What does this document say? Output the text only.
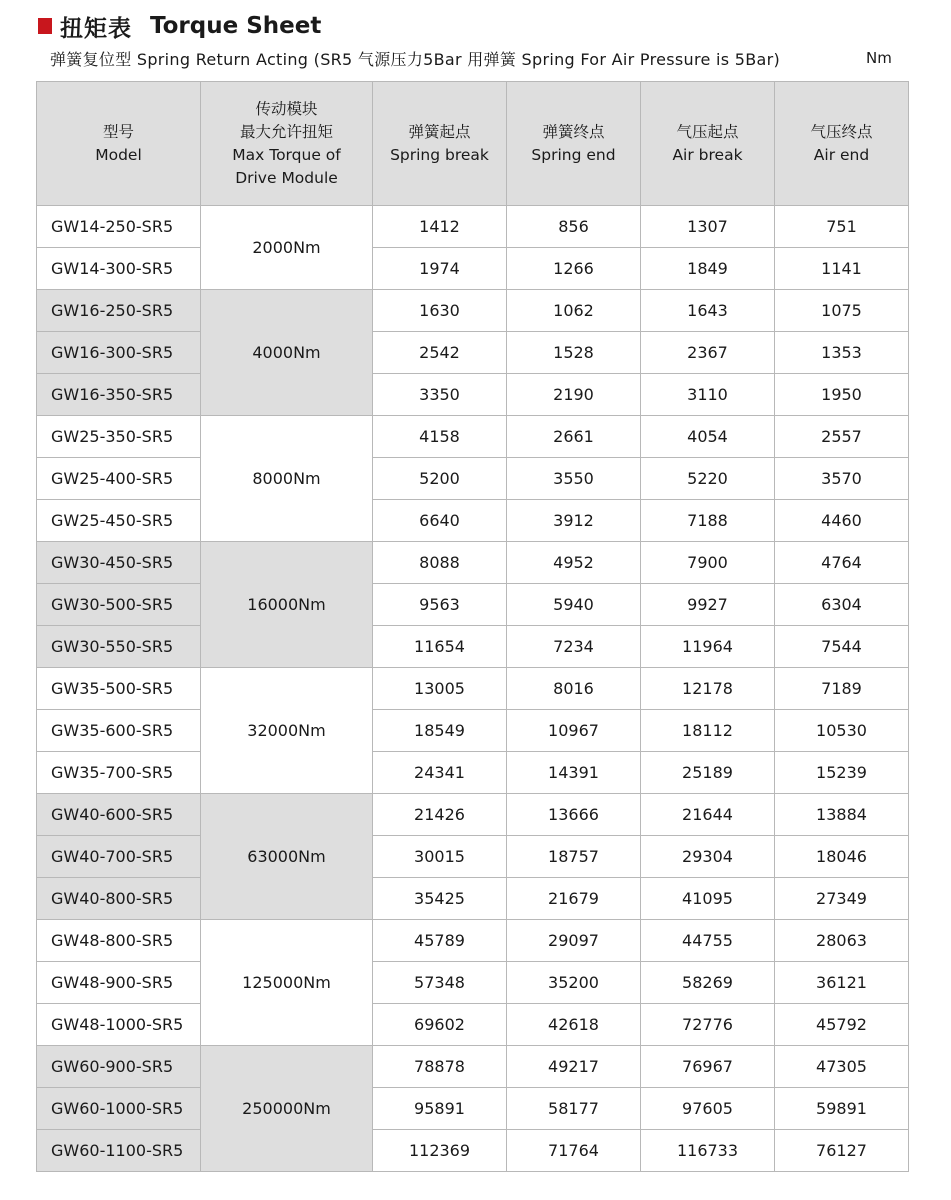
扭矩表 Torque Sheet
弹簧复位型 Spring Return Acting (SR5 气源压力5Bar 用弹簧 Spring For Air Pressure is 5Bar)	Nm
型号
Model	传动模块
最大允许扭矩
Max Torque of
Drive Module	弹簧起点
Spring break	弹簧终点
Spring end	气压起点
Air break	气压终点
Air end

GW14-250-SR5	2000Nm	1412	856	1307	751
GW14-300-SR5		1974	1266	1849	1141
GW16-250-SR5	4000Nm	1630	1062	1643	1075
GW16-300-SR5		2542	1528	2367	1353
GW16-350-SR5		3350	2190	3110	1950
GW25-350-SR5	8000Nm	4158	2661	4054	2557
GW25-400-SR5		5200	3550	5220	3570
GW25-450-SR5		6640	3912	7188	4460
GW30-450-SR5	16000Nm	8088	4952	7900	4764
GW30-500-SR5		9563	5940	9927	6304
GW30-550-SR5		11654	7234	11964	7544
GW35-500-SR5	32000Nm	13005	8016	12178	7189
GW35-600-SR5		18549	10967	18112	10530
GW35-700-SR5		24341	14391	25189	15239
GW40-600-SR5	63000Nm	21426	13666	21644	13884
GW40-700-SR5		30015	18757	29304	18046
GW40-800-SR5		35425	21679	41095	27349
GW48-800-SR5	125000Nm	45789	29097	44755	28063
GW48-900-SR5		57348	35200	58269	36121
GW48-1000-SR5		69602	42618	72776	45792
GW60-900-SR5	250000Nm	78878	49217	76967	47305
GW60-1000-SR5		95891	58177	97605	59891
GW60-1100-SR5		112369	71764	116733	76127
